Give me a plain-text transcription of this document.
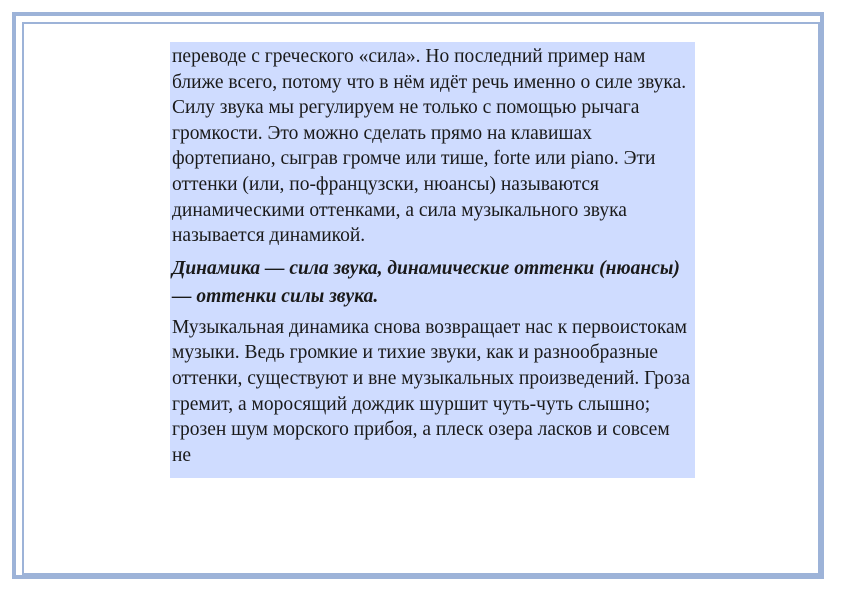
переводе с греческого «сила». Но последний пример нам ближе всего, потому что в нём идёт речь именно о силе звука. Силу звука мы регулируем не только с помощью рычага громкости. Это можно сделать прямо на клавишах фортепиано, сыграв громче или тише, forte или piano. Эти оттенки (или, по-французски, нюансы) называются динамическими оттенками, а сила музыкального звука называется динамикой.

Динамика — сила звука, динамические оттенки (нюансы) — оттенки силы звука.

Музыкальная динамика снова возвращает нас к первоистокам музыки. Ведь громкие и тихие звуки, как и разнообразные оттенки, существуют и вне музыкальных произведений. Гроза гремит, а моросящий дождик шуршит чуть-чуть слышно; грозен шум морского прибоя, а плеск озера ласков и совсем не
